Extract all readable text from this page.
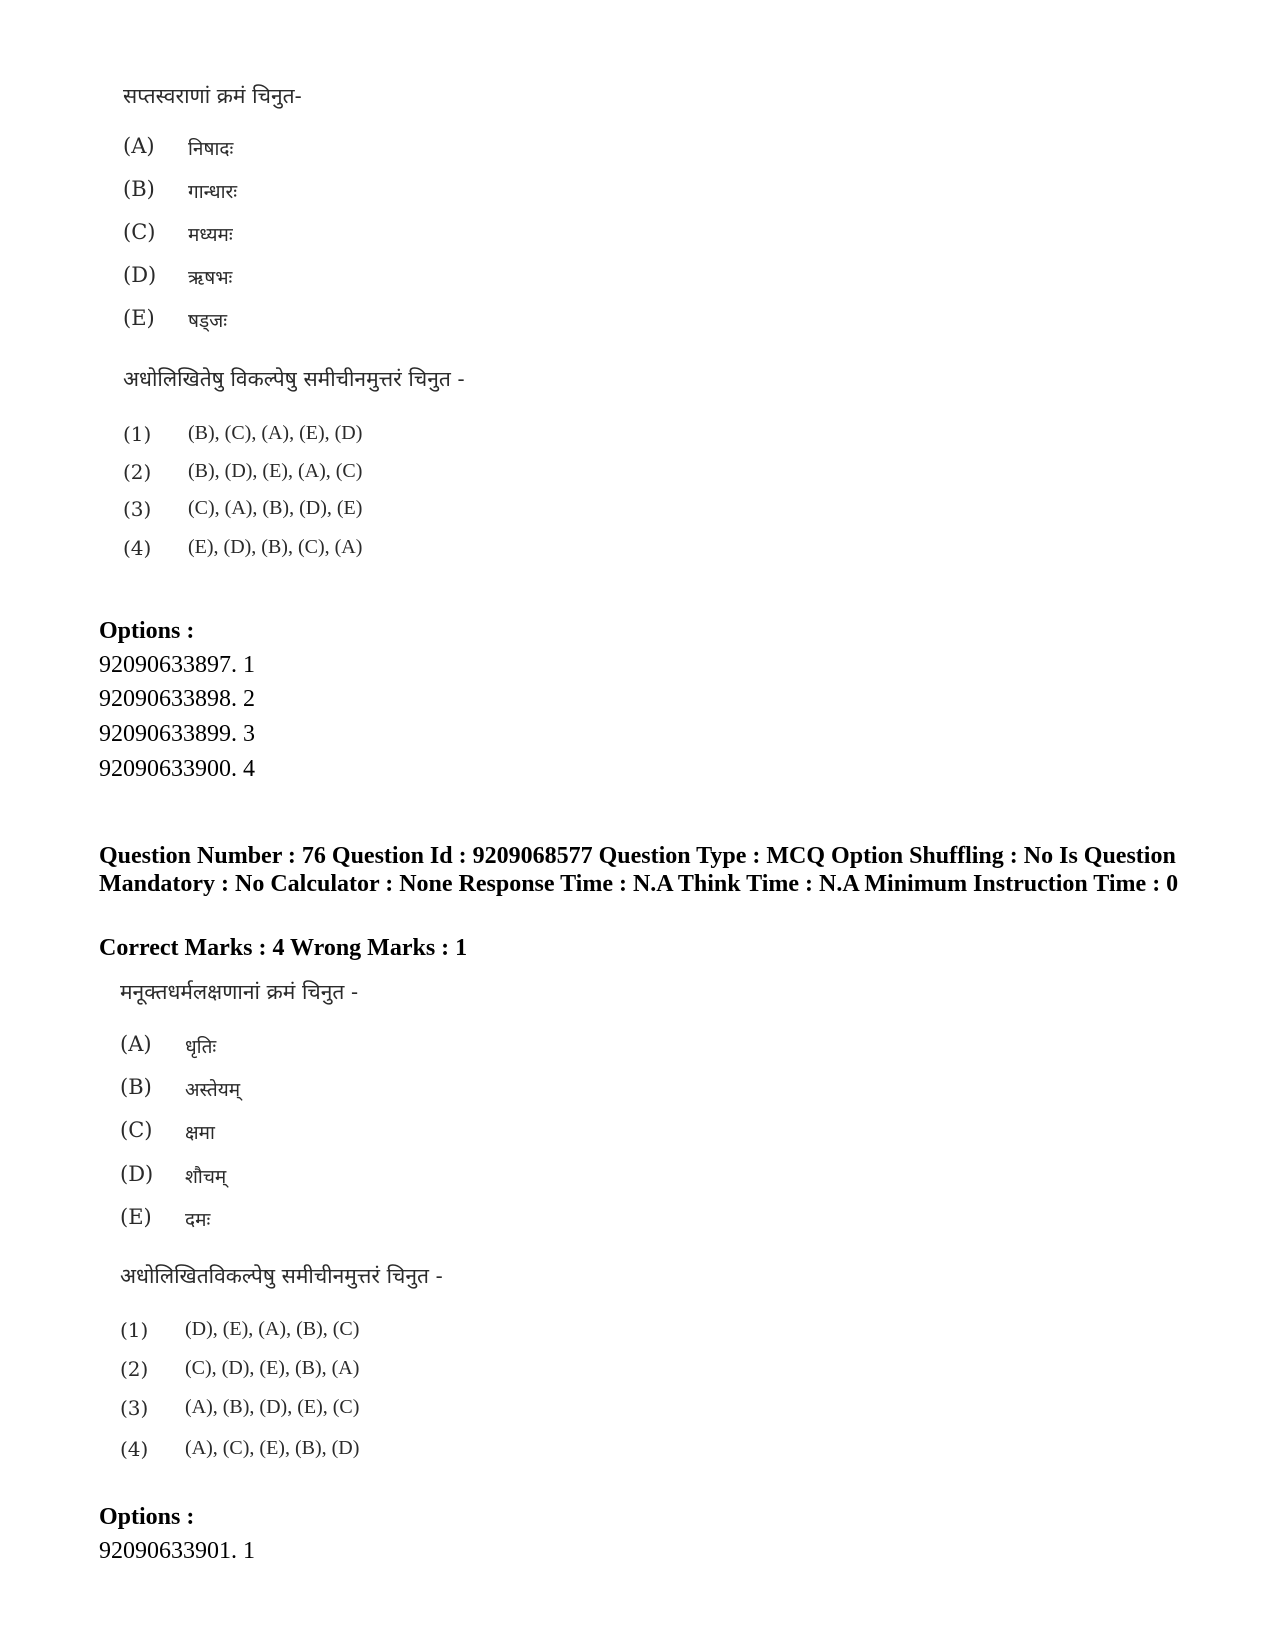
सप्तस्वराणां क्रमं चिनुत-
(A) निषादः
(B) गान्धारः
(C) मध्यमः
(D) ऋषभः
(E) षड्जः
अधोलिखितेषु विकल्पेषु समीचीनमुत्तरं चिनुत -
(1) (B), (C), (A), (E), (D)
(2) (B), (D), (E), (A), (C)
(3) (C), (A), (B), (D), (E)
(4) (E), (D), (B), (C), (A)
Options :
92090633897. 1
92090633898. 2
92090633899. 3
92090633900. 4
Question Number : 76 Question Id : 9209068577 Question Type : MCQ Option Shuffling : No Is Question Mandatory : No Calculator : None Response Time : N.A Think Time : N.A Minimum Instruction Time : 0
Correct Marks : 4 Wrong Marks : 1
मनूक्तधर्मलक्षणानां क्रमं चिनुत -
(A) धृतिः
(B) अस्तेयम्
(C) क्षमा
(D) शौचम्
(E) दमः
अधोलिखितविकल्पेषु समीचीनमुत्तरं चिनुत -
(1) (D), (E), (A), (B), (C)
(2) (C), (D), (E), (B), (A)
(3) (A), (B), (D), (E), (C)
(4) (A), (C), (E), (B), (D)
Options :
92090633901. 1
